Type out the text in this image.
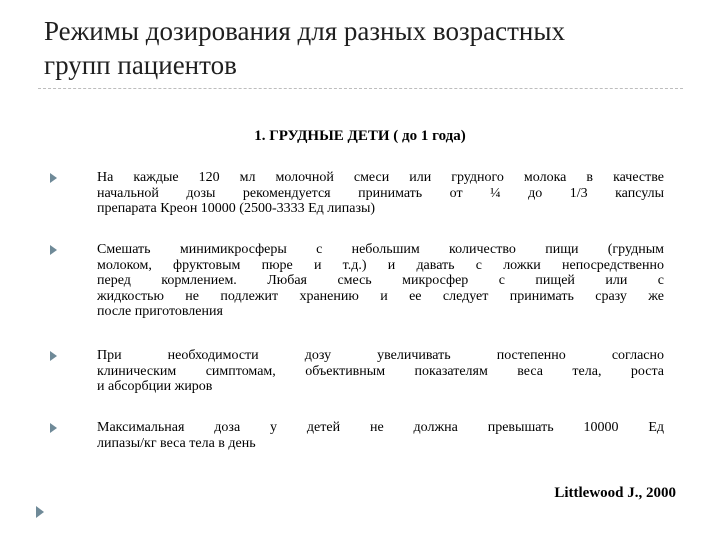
Режимы дозирования для разных возрастных
групп пациентов
1. ГРУДНЫЕ ДЕТИ ( до 1 года)
На каждые 120 мл молочной смеси или грудного молока в качестве
начальной дозы рекомендуется принимать от ¼ до 1/3 капсулы
препарата Креон 10000 (2500-3333 Ед липазы)
Смешать минимикросферы с небольшим количество пищи (грудным
молоком, фруктовым пюре и т.д.) и давать с ложки непосредственно
перед кормлением. Любая смесь микросфер с пищей или с
жидкостью не подлежит хранению и ее следует принимать сразу же
после приготовления
При необходимости дозу увеличивать постепенно согласно
клиническим симптомам, объективным показателям веса тела, роста
и абсорбции жиров
Максимальная доза у детей не должна превышать 10000 Ед
липазы/кг веса тела в день
Littlewood J., 2000
